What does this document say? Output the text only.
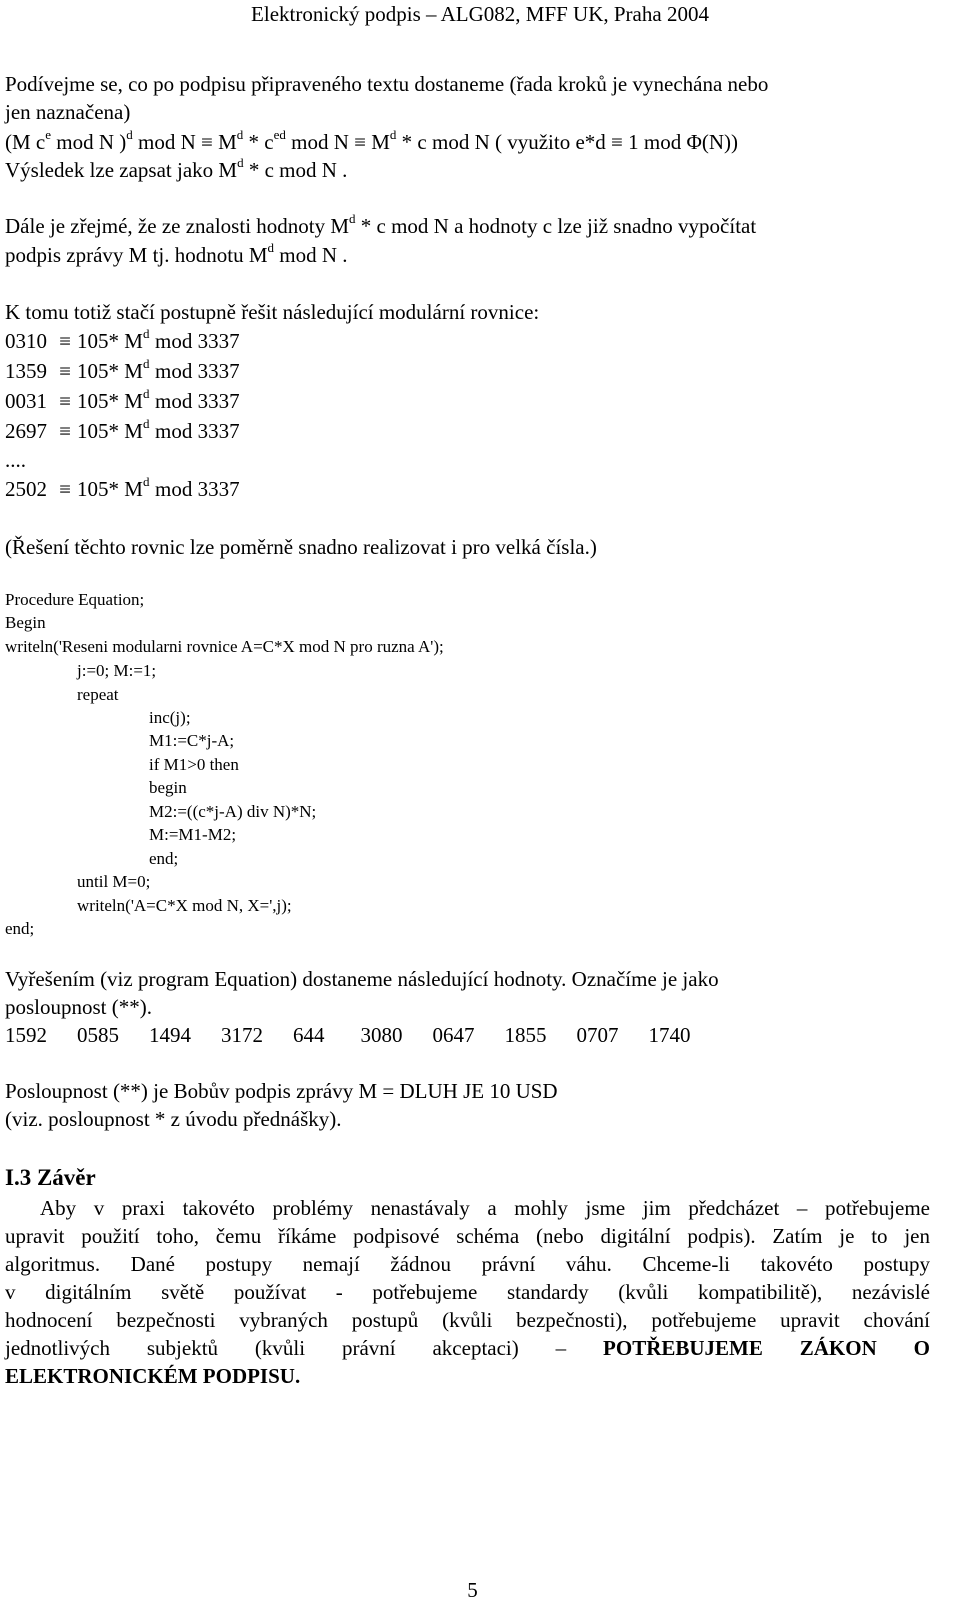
Elektronický podpis – ALG082, MFF UK, Praha 2004
Podívejme se, co po podpisu připraveného textu dostaneme (řada kroků je vynechána nebo
jen naznačena)
(M $c^e$ mod N )$^d$ mod $N \equiv M^d * c^{ed}$ mod $N \equiv M^d * c$ mod N ( využito e*d ≡ 1 mod Φ(N))
Výsledek lze zapsat jako $M^d$ * c mod N .
Dále je zřejmé, že ze znalosti hodnoty $M^d$ * c mod N a hodnoty c lze již snadno vypočítat
podpis zprávy M tj. hodnotu $M^d$ mod N .
K tomu totiž stačí postupně řešit následující modulární rovnice:
0310 ≡ 105* $M^d$ mod 3337
1359 ≡ 105* $M^d$ mod 3337
0031 ≡ 105* $M^d$ mod 3337
2697 ≡ 105* $M^d$ mod 3337
....
2502 ≡ 105* $M^d$ mod 3337
(Řešení těchto rovnic lze poměrně snadno realizovat i pro velká čísla.)
Procedure Equation;
Begin
writeln('Reseni modularni rovnice A=C*X mod N pro ruzna A');
j:=0; M:=1;
repeat
inc(j);
M1:=C*j-A;
if M1>0 then
begin
M2:=((c*j-A) div N)*N;
M:=M1-M2;
end;
until M=0;
writeln('A=C*X mod N, X=',j);
end;
Vyřešením (viz program Equation) dostaneme následující hodnoty. Označíme je jako
posloupnost (**).
1592 0585 1494 3172 644 3080 0647 1855 0707 1740
Posloupnost (**) je Bobův podpis zprávy M = DLUH JE 10 USD
(viz. posloupnost * z úvodu přednášky).
I.3 Závěr
Aby v praxi takovéto problémy nenastávaly a mohly jsme jim předcházet – potřebujeme
upravit použití toho, čemu říkáme podpisové schéma (nebo digitální podpis). Zatím je to jen
algoritmus. Dané postupy nemají žádnou právní váhu. Chceme-li takovéto postupy
v digitálním světě používat - potřebujeme standardy (kvůli kompatibilitě), nezávislé
hodnocení bezpečnosti vybraných postupů (kvůli bezpečnosti), potřebujeme upravit chování
jednotlivých subjektů (kvůli právní akceptaci) – POTŘEBUJEME ZÁKON O
ELEKTRONICKÉM PODPISU.
5
